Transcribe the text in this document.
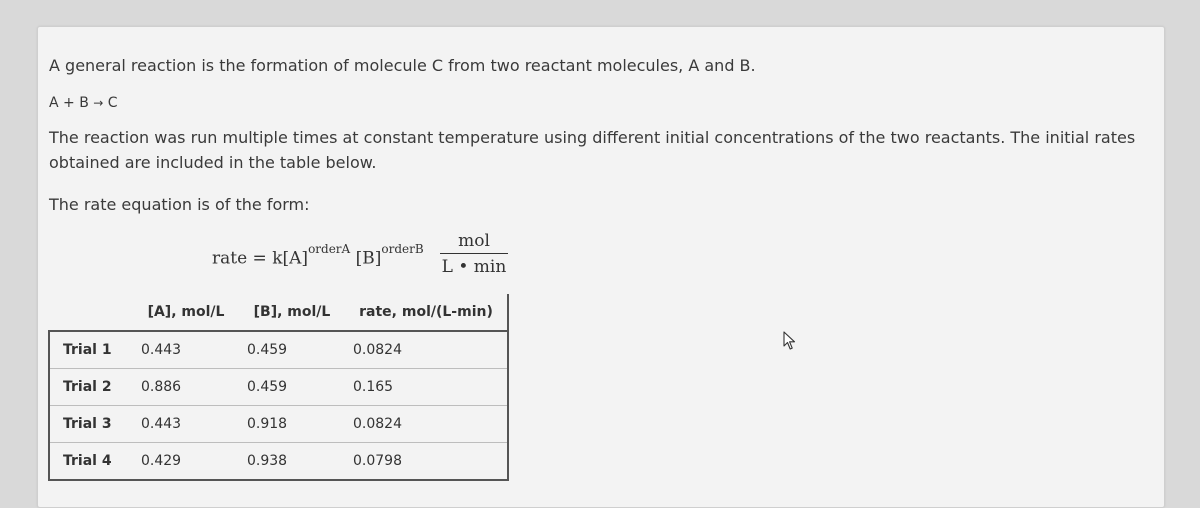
A general reaction is the formation of molecule C from two reactant molecules, A and B.
A + B → C
The reaction was run multiple times at constant temperature using different initial concentrations of the two reactants. The initial rates obtained are included in the table below.
The rate equation is of the form:
rate = $k[A]^{orderA}$ $[B]^{orderB}$	mol
L • min
	[A], mol/L	[B], mol/L	rate, mol/(L-min)
Trial 1	0.443	0.459	0.0824
Trial 2	0.886	0.459	0.165
Trial 3	0.443	0.918	0.0824
Trial 4	0.429	0.938	0.0798
